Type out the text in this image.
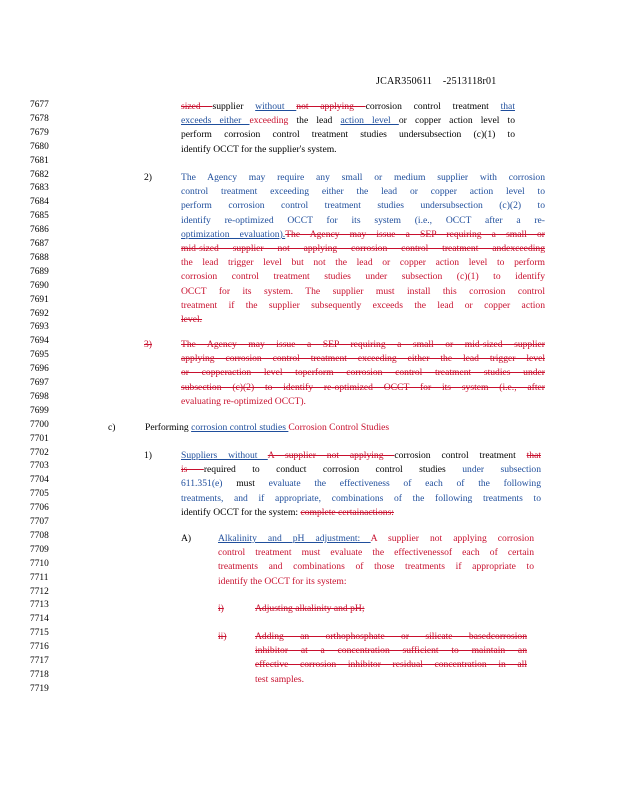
JCAR350611 -2513118r01
7677
7678
7679
7680
7681
7682
7683
7684
7685
7686
7687
7688
7689
7690
7691
7692
7693
7694
7695
7696
7697
7698
7699
7700
7701
7702
7703
7704
7705
7706
7707
7708
7709
7710
7711
7712
7713
7714
7715
7716
7717
7718
7719
sized supplier without not applying corrosion control treatment that
exceeds either exceeding the lead action level or copper action level to
perform corrosion control treatment studies undersubsection (c)(1) to
identify OCCT for the supplier's system.
2)	The Agency may require any small or medium supplier with corrosion
control treatment exceeding either the lead or copper action level to
perform corrosion control treatment studies undersubsection (c)(2) to
identify re-optimized OCCT for its system (i.e., OCCT after a re-
optimization evaluation).The Agency may issue a SEP requiring a small or
mid-sized supplier not applying corrosion control treatment andexceeding
the lead trigger level but not the lead or copper action level to perform
corrosion control treatment studies under subsection (c)(1) to identify
OCCT for its system. The supplier must install this corrosion control
treatment if the supplier subsequently exceeds the lead or copper action
level.
3)	The Agency may issue a SEP requiring a small or mid-sized supplier
applying corrosion control treatment exceeding either the lead trigger level
or copperaction level toperform corrosion control treatment studies under
subsection (c)(2) to identify re-optimized OCCT for its system (i.e., after
evaluating re-optimized OCCT).
c)	Performing corrosion control studies Corrosion Control Studies
1)	Suppliers without A supplier not applying corrosion control treatment that
is required to conduct corrosion control studies under subsection
611.351(e) must evaluate the effectiveness of each of the following
treatments, and if appropriate, combinations of the following treatments to
identify OCCT for the system: complete certainactions:
A)	Alkalinity and pH adjustment: A supplier not applying corrosion
control treatment must evaluate the effectivenessof each of certain
treatments and combinations of those treatments if appropriate to
identify the OCCT for its system:
i)	Adjusting alkalinity and pH;
ii)	Adding an orthophosphate or silicate basedcorrosion
inhibitor at a concentration sufficient to maintain an
effective corrosion inhibitor residual concentration in all
test samples.
